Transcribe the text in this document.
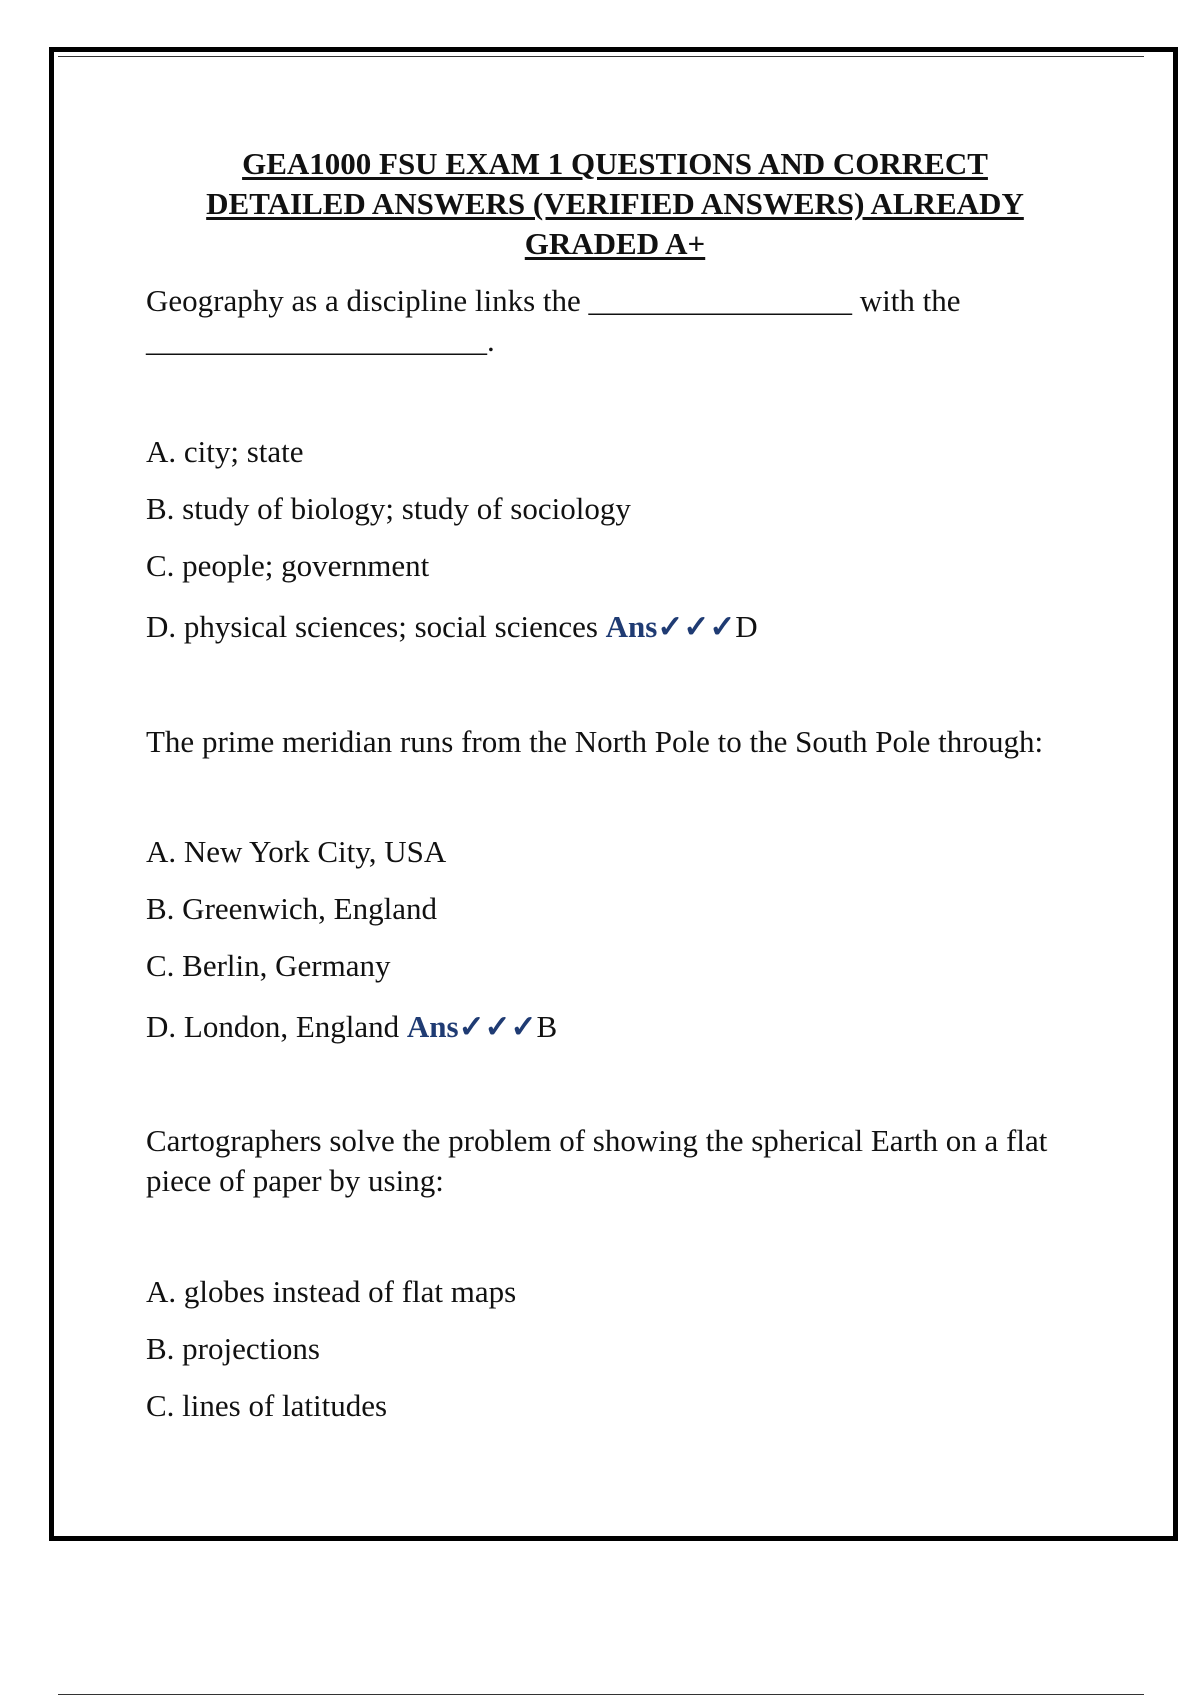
GEA1000 FSU EXAM 1 QUESTIONS AND CORRECT
DETAILED ANSWERS (VERIFIED ANSWERS) ALREADY
GRADED A+
Geography as a discipline links the _________________ with the
______________________.
A. city; state
B. study of biology; study of sociology
C. people; government
D. physical sciences; social sciences Ans✓✓✓D
The prime meridian runs from the North Pole to the South Pole through:
A. New York City, USA
B. Greenwich, England
C. Berlin, Germany
D. London, England Ans✓✓✓B
Cartographers solve the problem of showing the spherical Earth on a flat
piece of paper by using:
A. globes instead of flat maps
B. projections
C. lines of latitudes
